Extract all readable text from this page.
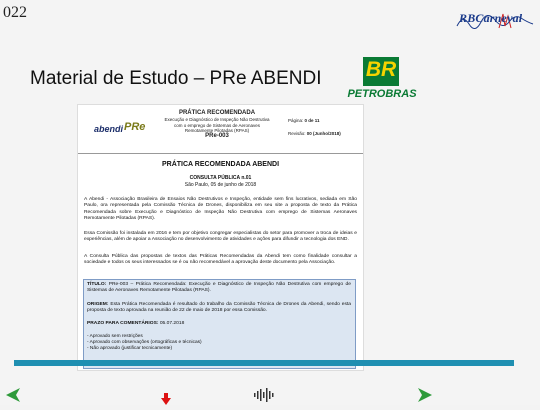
022	RBCarneval
Material de Estudo – PRe ABENDI BR
PETROBRAS
abendi PRe
PRÁTICA RECOMENDADA
Execução e Diagnóstico de Inspeção Não Destrutiva
com o emprego de Sistemas de Aeronaves
Remotamente Pilotadas (RPAS)
PRe-003
Página: 0 de 11
Revisão: 00 (Junho/2018)
PRÁTICA RECOMENDADA ABENDI
CONSULTA PÚBLICA n.01
São Paulo, 05 de junho de 2018
A Abendi - Associação Brasileira de Ensaios Não Destrutivos e Inspeção, entidade sem fins lucrativos, sediada em São Paulo, ora representada pela Comissão Técnica de Drones, disponibiliza em seu site a proposta de texto da Prática Recomendada sobre Execução e Diagnóstico de Inspeção Não Destrutiva com emprego de Sistemas Aeronaves Remotamente Pilotadas (RPAS).
Essa Comissão foi instalada em 2016 e tem por objetivo congregar especialistas do setor para promover a troca de ideias e experiências, além de apoiar a Associação no desenvolvimento de atividades e ações para difundir a tecnologia dos END.
A Consulta Pública das propostas de textos das Práticas Recomendadas da Abendi tem como finalidade consultar a sociedade e todos os seus interessados se é ou não recomendável a aprovação deste documento pela Associação.
TÍTULO: PRe-003 – Prática Recomendada: Execução e Diagnóstico de Inspeção Não Destrutiva com emprego de Sistemas de Aeronaves Remotamente Pilotadas (RPAS).
ORIGEM: Esta Prática Recomendada é resultado do trabalho da Comissão Técnica de Drones da Abendi, sendo esta proposta de texto aprovada na reunião de 22 de maio de 2018 por essa Comissão.
PRAZO PARA COMENTÁRIOS: 05.07.2018
- Aprovado sem restrições
- Aprovado com observações (ortográficas e técnicas)
- Não aprovado (justificar tecnicamente)
